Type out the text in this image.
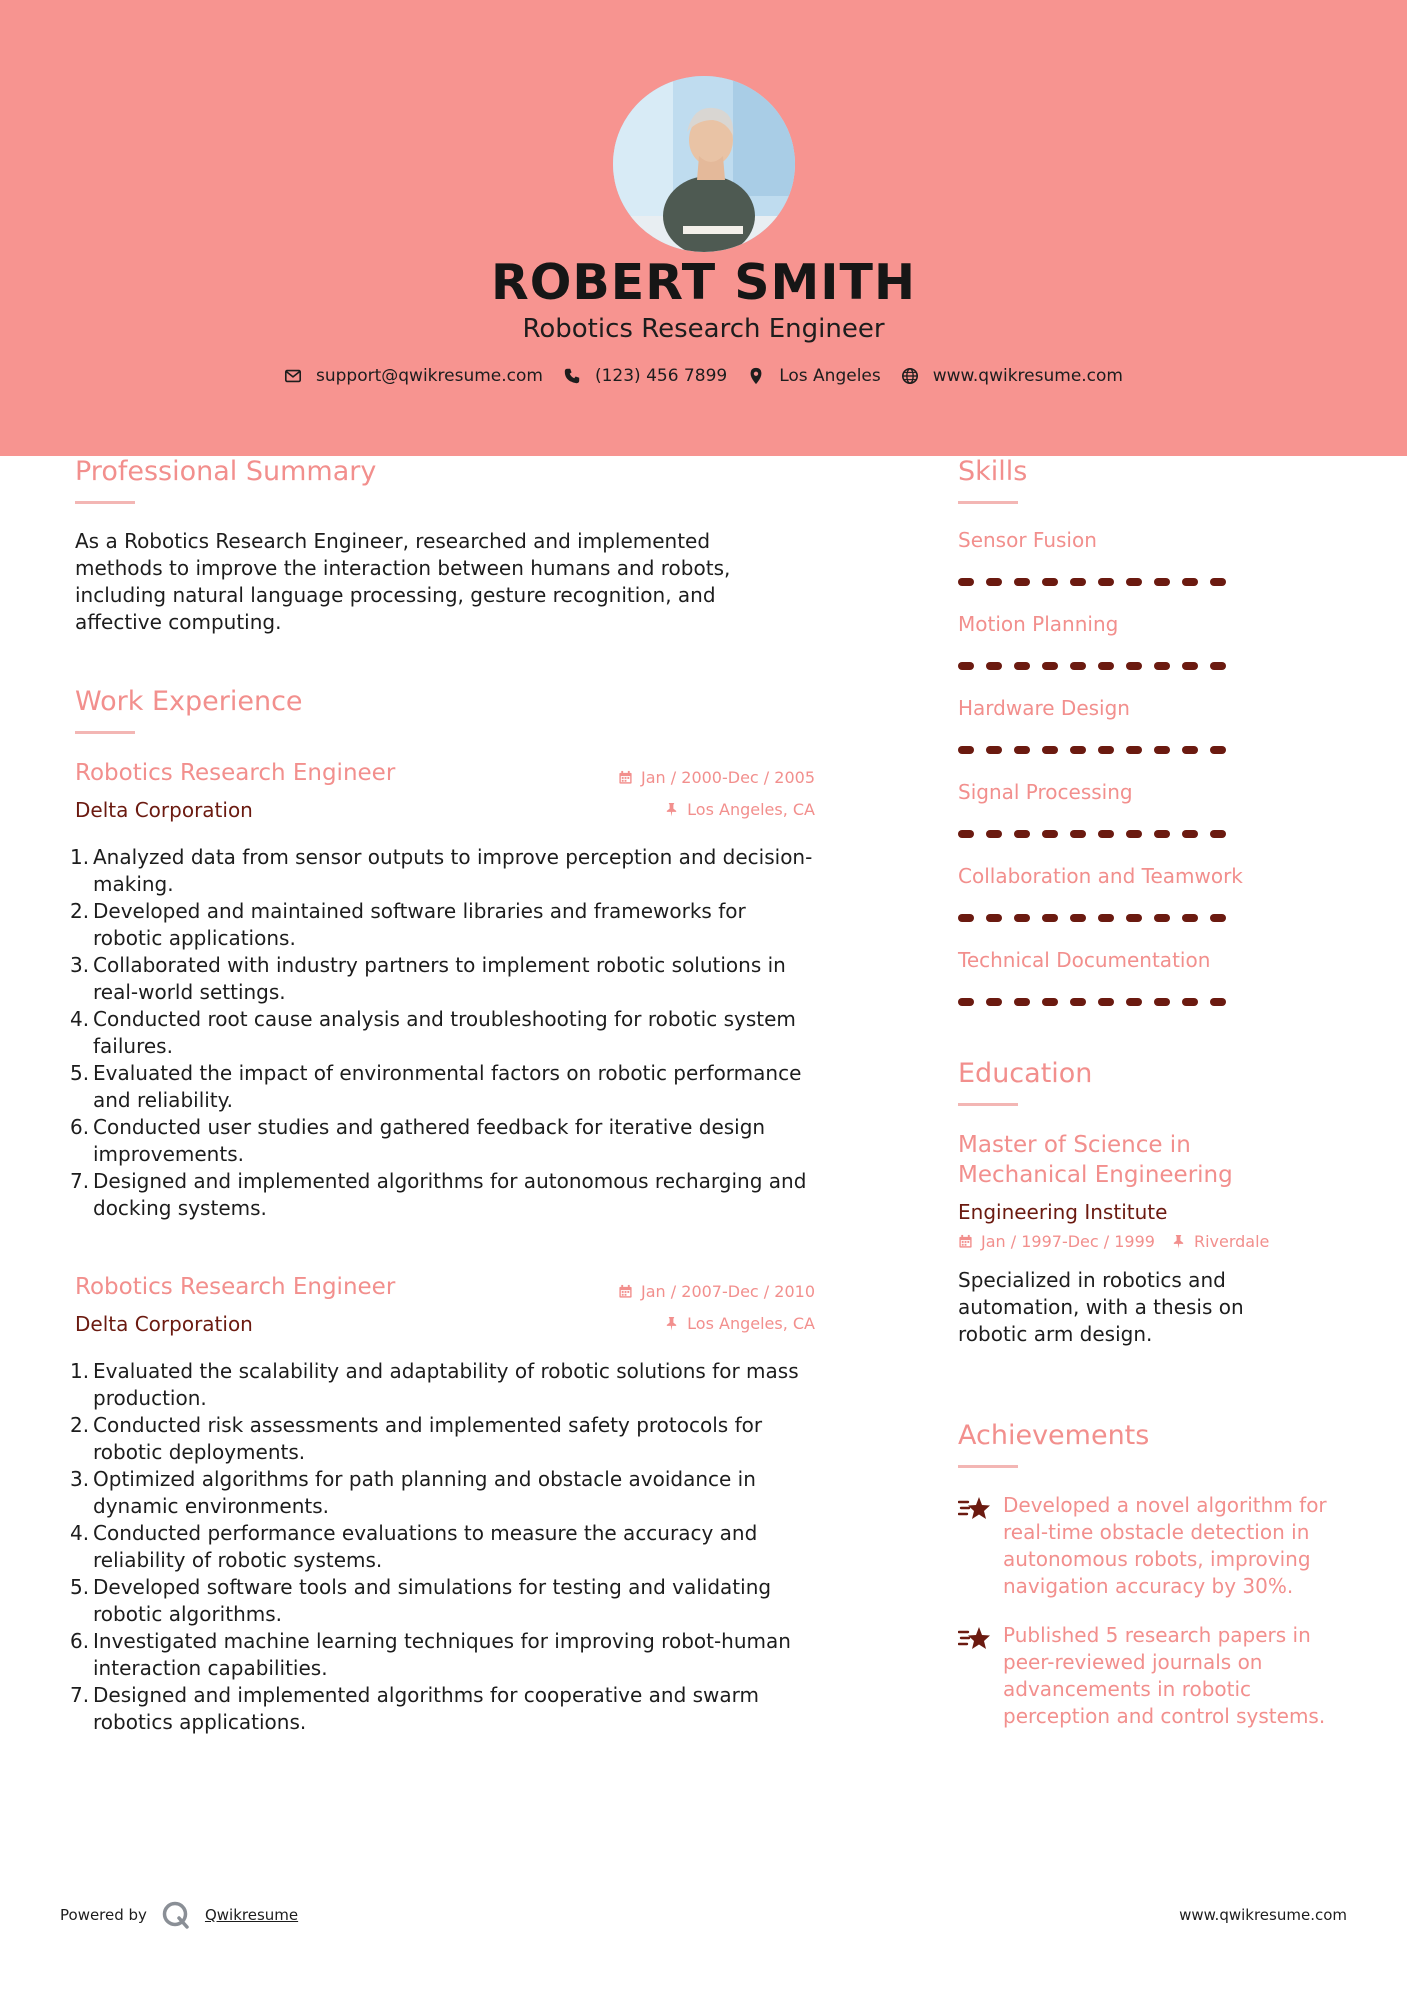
ROBERT SMITH
Robotics Research Engineer
support@qwikresume.com	(123) 456 7899	Los Angeles	www.qwikresume.com
Professional Summary

As a Robotics Research Engineer, researched and implemented methods to improve the interaction between humans and robots, including natural language processing, gesture recognition, and affective computing.

Work Experience
Robotics Research Engineer
Delta Corporation
Jan / 2000-Dec / 2005
Los Angeles, CA
1. Analyzed data from sensor outputs to improve perception and decision-making.
2. Developed and maintained software libraries and frameworks for robotic applications.
3. Collaborated with industry partners to implement robotic solutions in real-world settings.
4. Conducted root cause analysis and troubleshooting for robotic system failures.
5. Evaluated the impact of environmental factors on robotic performance and reliability.
6. Conducted user studies and gathered feedback for iterative design improvements.
7. Designed and implemented algorithms for autonomous recharging and docking systems.
Robotics Research Engineer
Delta Corporation
Jan / 2007-Dec / 2010
Los Angeles, CA
1. Evaluated the scalability and adaptability of robotic solutions for mass production.
2. Conducted risk assessments and implemented safety protocols for robotic deployments.
3. Optimized algorithms for path planning and obstacle avoidance in dynamic environments.
4. Conducted performance evaluations to measure the accuracy and reliability of robotic systems.
5. Developed software tools and simulations for testing and validating robotic algorithms.
6. Investigated machine learning techniques for improving robot-human interaction capabilities.
7. Designed and implemented algorithms for cooperative and swarm robotics applications.
Skills
Sensor Fusion
Motion Planning
Hardware Design
Signal Processing
Collaboration and Teamwork
Technical Documentation
Education
Master of Science in Mechanical Engineering
Engineering Institute
Jan / 1997-Dec / 1999 Riverdale

Specialized in robotics and automation, with a thesis on robotic arm design.

Achievements
Developed a novel algorithm for real-time obstacle detection in autonomous robots, improving navigation accuracy by 30%.
Published 5 research papers in peer-reviewed journals on advancements in robotic perception and control systems.
Powered by	Qwikresume	www.qwikresume.com
